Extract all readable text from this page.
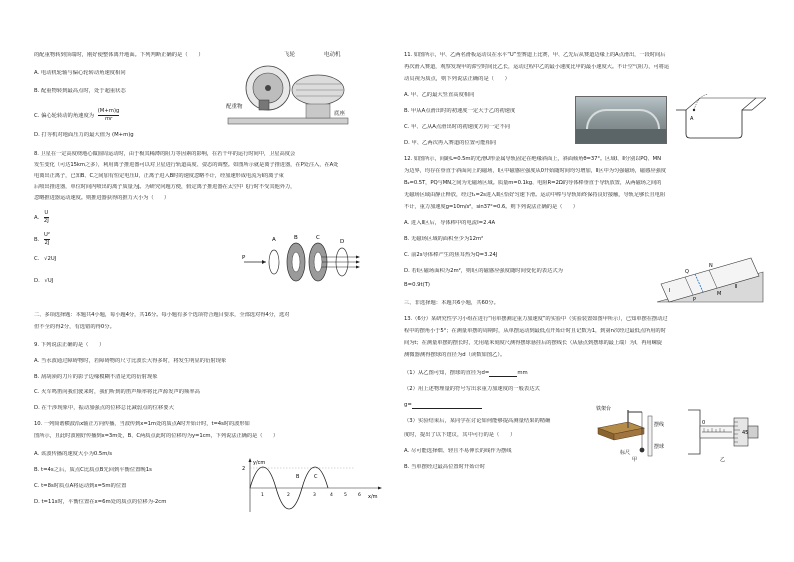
的配重物转到顶端时，刚好使整体离开地面。下列判断正确的是（　　）
A. 电动机轮轴与偏心轮转动角速度相同
B. 配重物转到最高点时，处于超重状态
C. 偏心轮转动的角速度为 $\frac{(M+m)g}{mr}$
D. 打夯机对地面压力的最大值为 (M+m)g
8. 卫星在一定高度绕地心做圆周运动时，由于极其稀薄的阻力等因素的影响，在若干年的运行时间中，卫星高度会
发生变化（可达15km之多），利用离子推进器可以对卫星进行轨道高度、姿态的调整。如图所示就是离子推进器，在P处注入，在A处
电离出正离子，已知B、C之间加有恒定电压U，正离子进入B时的速度忽略不计，经加速形成电流为I的离子束
后喷出推进器，单位时间内喷出的离子质量为J。为研究问题方便，假定离子推进器在太空中飞行时不受其他外力，
忽略推进器运动速度。则推进器获得的推力大小为（　　）
A. $\frac{U}{2J}$
B. $\frac{\text{U²}}{2J}$
C. √2UJ
D. √UJ
二、多项选择题：本题共4小题，每小题4分，共16分。每小题有多个选项符合题目要求，全部选对得4分，选对
但不全的得2分，有选错的得0分。
9. 下列说法正确的是（　　）
A. 当水波通过障碍物时，若障碍物的尺寸比波长大得多时，将发生明显的衍射现象
B. 刮胡须的刀片的影子边缘模糊不清是光的衍射现象
C. 火车鸣笛向我们驶来时，我们听到的笛声频率将比声源发声的频率高
D. 在干涉现象中，振动加强点的位移总比减弱点的位移要大
10. 一列简谐横波沿x轴正方向传播，当波传到x=1m处的质点A时开始计时，t=4s时的波形如
图所示，且此时波刚好传播到x=3m处，B、C两质点此时的位移均为y=1cm，下列说法正确的是（　　）
A. 该波传播的速度大小为0.5m/s
B. t=4s之后，质点C比质点B先回到平衡位置晚1s
C. t=8s时质点A将运动到x=5m的位置
D. t=11s时，平衡位置在x=6m处的质点的位移为-2cm
飞轮	电动机
配重物
底座
P
A	B	C
D
y/cm
x/m
2
B	C
1	2	3	4 5 6
11. 如图所示，甲、乙两名滑板运动员在水平“U”型赛道上比赛，甲、乙先后从赛道边缘上的A点滑出，一段时间后
再次滑入赛道，观察发现甲的滞空时间比乙长，运动过程中乙的最小速度比甲的最小速度大。不计空气阻力，可将运
动员视为质点，则下列说法正确的是（　　）
A. 甲、乙的最大竖直高度相同
B. 甲从A点滑出时的初速度一定大于乙的初速度
C. 甲、乙从A点滑出时的初速度方向一定不同
D. 甲、乙两次再入赛道的位置可能相同
12. 如图所示，间距L=0.5m的光滑U形金属导轨固定在绝缘斜面上，斜面倾角θ=37°。区域Ⅰ、Ⅱ分别以PQ、MN
为边界，均存在垂直于斜面向上的磁场，Ⅰ区中磁感应强度从0开始随时间均匀增加，Ⅱ区中为匀强磁场，磁感应强度
B₂=0.5T，PQ与MN之间为无磁场区域。质量m=0.1kg、电阻R=2Ω的导体棒垂直于导轨放置，从两磁场之间的
无磁场区域由静止释放，经过t₁=2s进入Ⅱ区恰好匀速下滑。运动中棒与导轨始终保持良好接触，导轨足够长且电阻
不计，重力加速度g=10m/s²，sin37°=0.6。则下列说法正确的是（　　）
A. 进入Ⅱ区后，导体棒中的电流I=2.4A
B. 无磁场区域的面积至少为12m²
C. 前2s导体棒产生的焦耳热为Q=3.24J
D. 若Ⅰ区磁场面积为2m²，则Ⅰ区的磁感应强度随时间变化的表达式为
B=0.9t(T)
三、非选择题：本题共6小题，共60分。
13.（6分）某研究性学习小组在进行“用单摆测定重力加速度”的实验中（实验装置如图甲所示），已知单摆在摆动过
程中的摆角小于5°；在测量单摆的周期时，从单摆运动到最低点开始计时且记数为1，到第n次经过最低点所用的时
间为t；在测量单摆的摆长时，先用毫米刻度尺测得摆球悬挂后的摆线长（从悬点到摆球的最上端）为l，再用螺旋
测微器测得摆球的直径为d（读数如图乙）。
（1）从乙图可知，摆球的直径为d=	mm
（2）用上述物理量的符号写出求重力加速度的一般表达式
g=
（3）实验结束后，某同学在讨论如何能够提高测量结果的精确
度时，提出了以下建议，其中可行的是（　　）
A. 尽可能选择细、轻且不易伸长的线作为摆线
B. 当单摆经过最高位置时开始计时
A
Q
P
N
M
Ⅰ
Ⅱ
铁架台
摆线
摆球
标尺
甲
0
45
乙
